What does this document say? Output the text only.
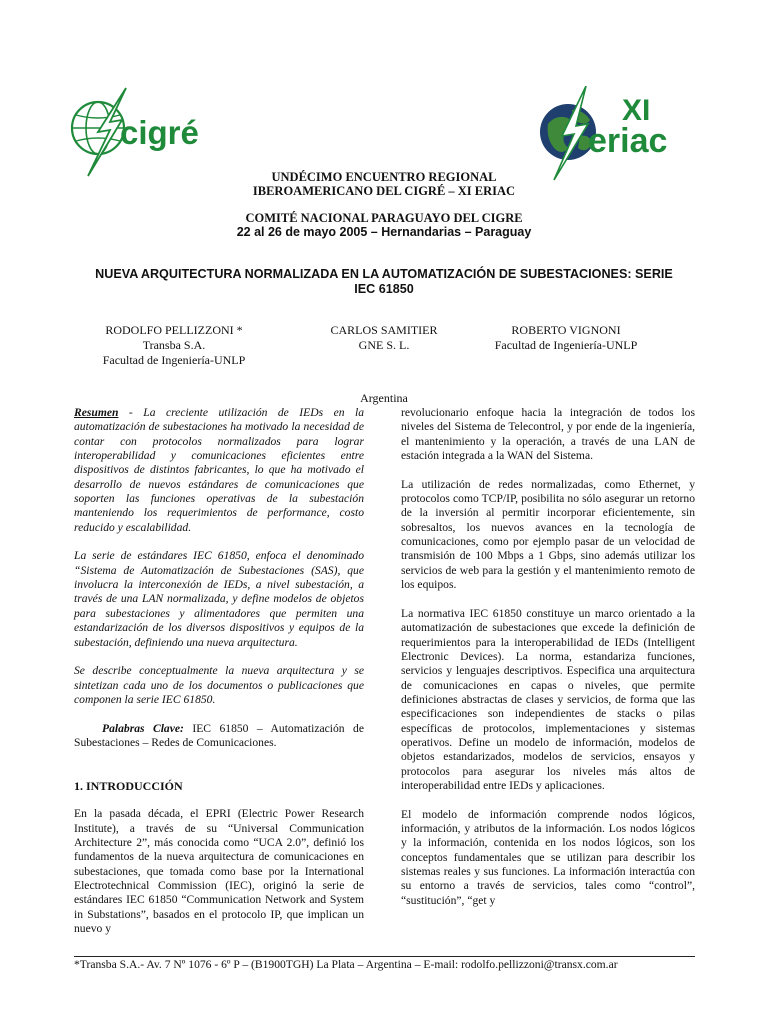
cigré
XI
eriac
UNDÉCIMO ENCUENTRO REGIONAL
IBEROAMERICANO DEL CIGRÉ – XI ERIAC
COMITÉ NACIONAL PARAGUAYO DEL CIGRE
22 al 26 de mayo 2005 – Hernandarias – Paraguay
NUEVA ARQUITECTURA NORMALIZADA EN LA AUTOMATIZACIÓN DE SUBESTACIONES: SERIE
IEC 61850
RODOLFO PELLIZZONI *
Transba S.A.
Facultad de Ingeniería-UNLP
CARLOS SAMITIER
GNE S. L.
ROBERTO VIGNONI
Facultad de Ingeniería-UNLP
Argentina

Resumen - La creciente utilización de IEDs en la automatización de subestaciones ha motivado la necesidad de contar con protocolos normalizados para lograr interoperabilidad y comunicaciones eficientes entre dispositivos de distintos fabricantes, lo que ha motivado el desarrollo de nuevos estándares de comunicaciones que soporten las funciones operativas de la subestación manteniendo los requerimientos de performance, costo reducido y escalabilidad.

La serie de estándares IEC 61850, enfoca el denominado “Sistema de Automatización de Subestaciones (SAS), que involucra la interconexión de IEDs, a nivel subestación, a través de una LAN normalizada, y define modelos de objetos para subestaciones y alimentadores que permiten una estandarización de los diversos dispositivos y equipos de la subestación, definiendo una nueva arquitectura.

Se describe conceptualmente la nueva arquitectura y se sintetizan cada uno de los documentos o publicaciones que componen la serie IEC 61850.

Palabras Clave: IEC 61850 – Automatización de Subestaciones – Redes de Comunicaciones.

1. INTRODUCCIÓN

En la pasada década, el EPRI (Electric Power Research Institute), a través de su “Universal Communication Architecture 2”, más conocida como “UCA 2.0”, definió los fundamentos de la nueva arquitectura de comunicaciones en subestaciones, que tomada como base por la International Electrotechnical Commission (IEC), originó la serie de estándares IEC 61850 “Communication Network and System in Substations”, basados en el protocolo IP, que implican un nuevo y

revolucionario enfoque hacia la integración de todos los niveles del Sistema de Telecontrol, y por ende de la ingeniería, el mantenimiento y la operación, a través de una LAN de estación integrada a la WAN del Sistema.

La utilización de redes normalizadas, como Ethernet, y protocolos como TCP/IP, posibilita no sólo asegurar un retorno de la inversión al permitir incorporar eficientemente, sin sobresaltos, los nuevos avances en la tecnología de comunicaciones, como por ejemplo pasar de un velocidad de transmisión de 100 Mbps a 1 Gbps, sino además utilizar los servicios de web para la gestión y el mantenimiento remoto de los equipos.

La normativa IEC 61850 constituye un marco orientado a la automatización de subestaciones que excede la definición de requerimientos para la interoperabilidad de IEDs (Intelligent Electronic Devices). La norma, estandariza funciones, servicios y lenguajes descriptivos. Especifica una arquitectura de comunicaciones en capas o niveles, que permite definiciones abstractas de clases y servicios, de forma que las especificaciones son independientes de stacks o pilas específicas de protocolos, implementaciones y sistemas operativos. Define un modelo de información, modelos de objetos estandarizados, modelos de servicios, ensayos y protocolos para asegurar los niveles más altos de interoperabilidad entre IEDs y aplicaciones.

El modelo de información comprende nodos lógicos, información, y atributos de la información. Los nodos lógicos y la información, contenida en los nodos lógicos, son los conceptos fundamentales que se utilizan para describir los sistemas reales y sus funciones. La información interactúa con su entorno a través de servicios, tales como “control”, “sustitución”, “get y

*Transba S.A.- Av. 7 Nº 1076 - 6º P – (B1900TGH) La Plata – Argentina – E-mail: rodolfo.pellizzoni@transx.com.ar
